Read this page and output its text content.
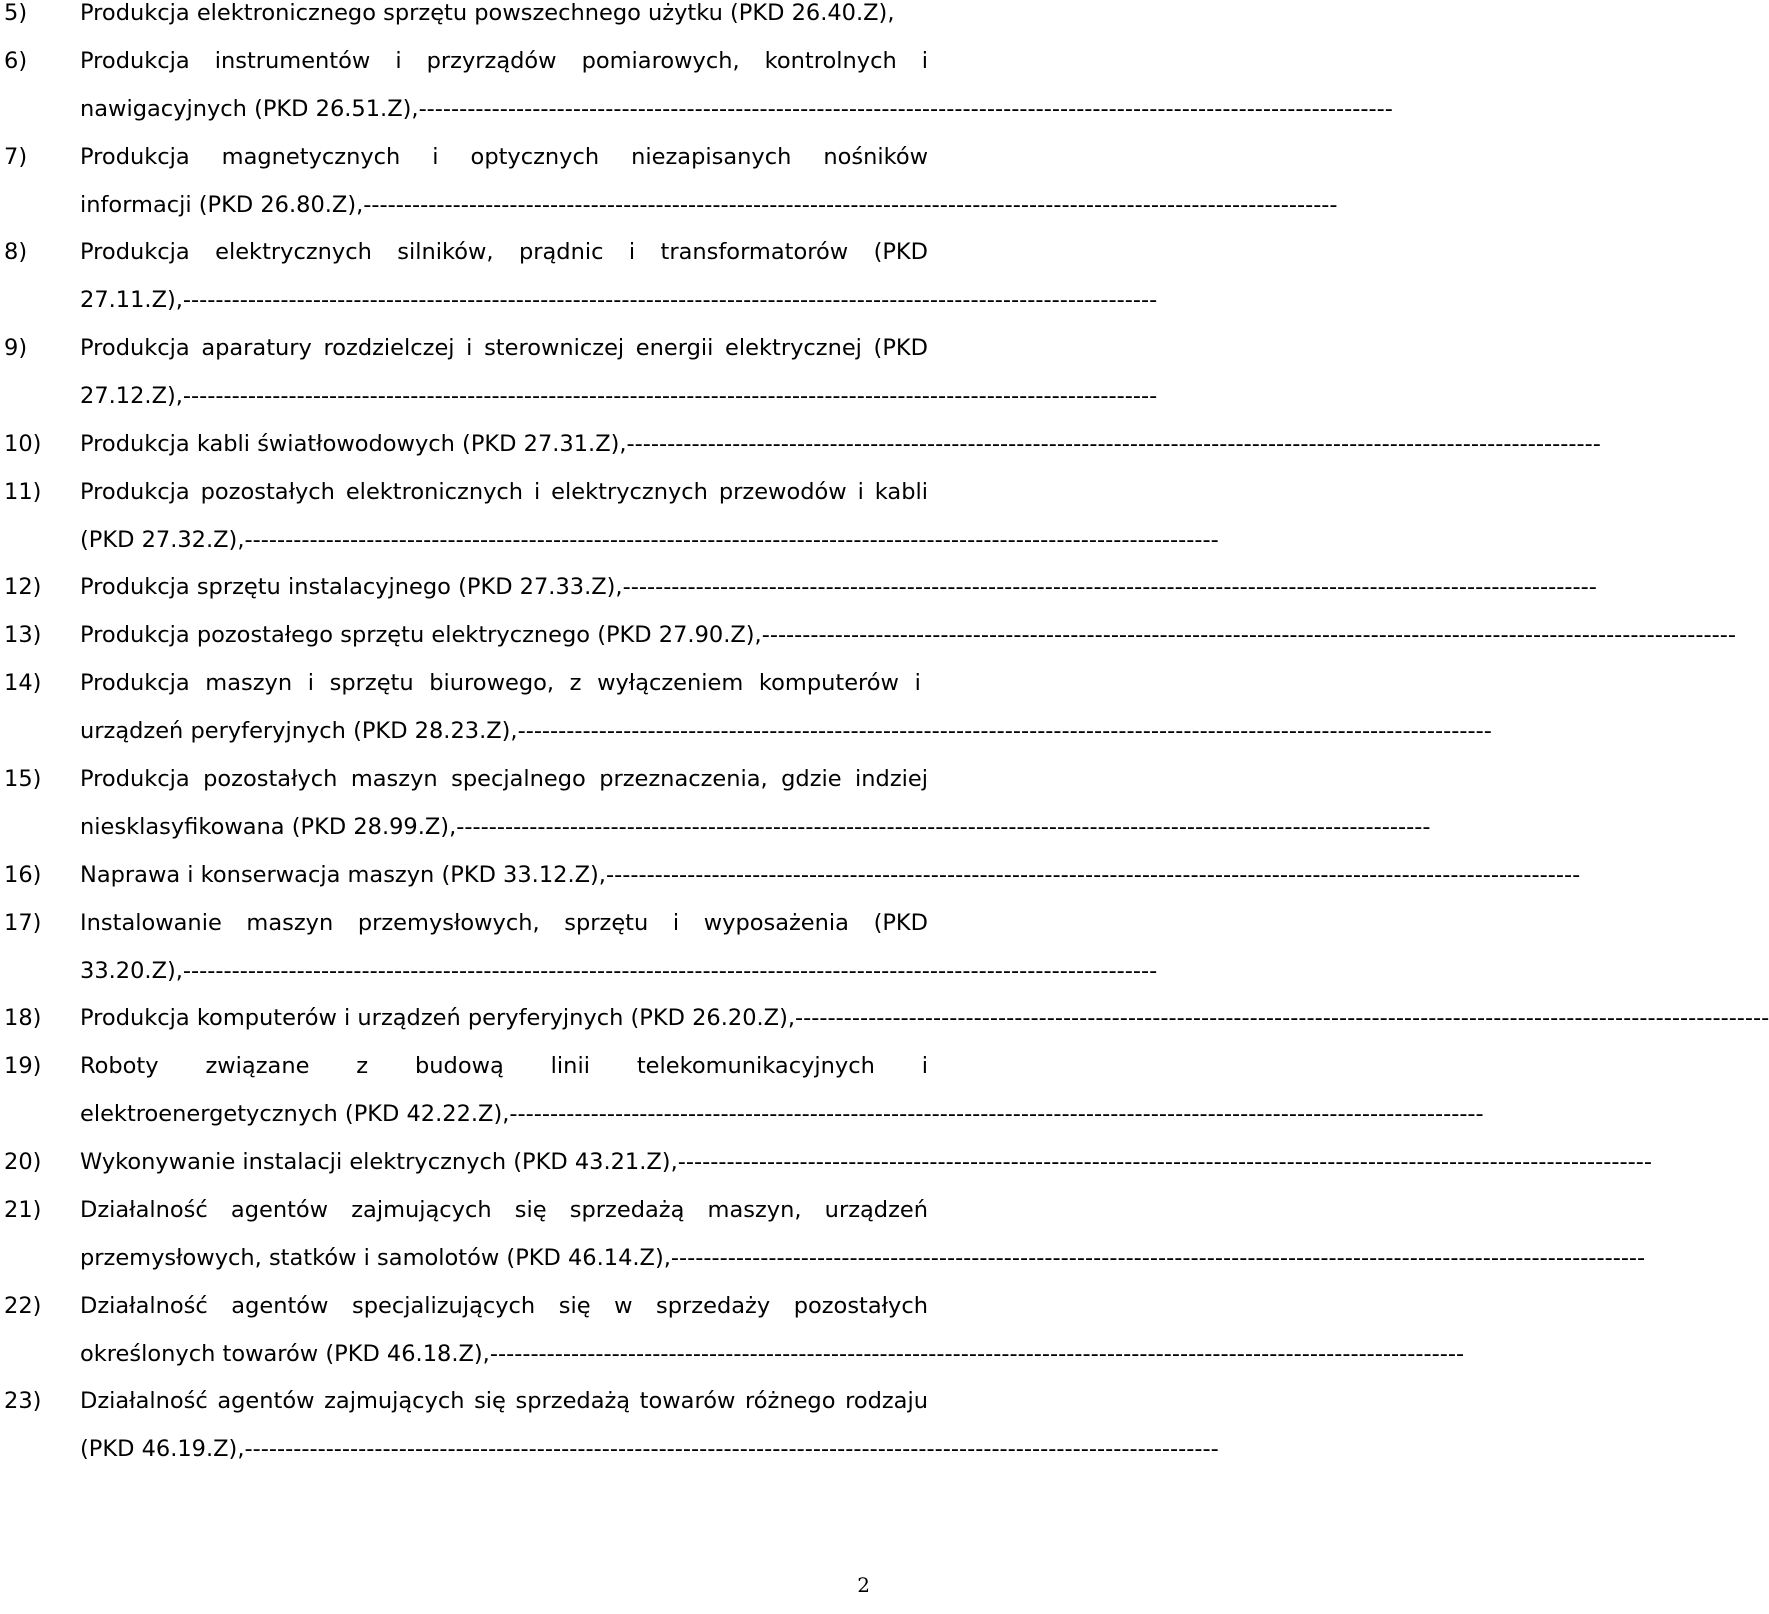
5) Produkcja elektronicznego sprzętu powszechnego użytku (PKD 26.40.Z),
6) Produkcja instrumentów i przyrządów pomiarowych, kontrolnych i
nawigacyjnych (PKD 26.51.Z), ------------------------------------------------------------------------------------------------------------------------
7) Produkcja magnetycznych i optycznych niezapisanych nośników
informacji (PKD 26.80.Z), ------------------------------------------------------------------------------------------------------------------------
8) Produkcja elektrycznych silników, prądnic i transformatorów (PKD
27.11.Z), ------------------------------------------------------------------------------------------------------------------------
9) Produkcja aparatury rozdzielczej i sterowniczej energii elektrycznej (PKD
27.12.Z), ------------------------------------------------------------------------------------------------------------------------
10) Produkcja kabli światłowodowych (PKD 27.31.Z), ------------------------------------------------------------------------------------------------------------------------
11) Produkcja pozostałych elektronicznych i elektrycznych przewodów i kabli
(PKD 27.32.Z), ------------------------------------------------------------------------------------------------------------------------
12) Produkcja sprzętu instalacyjnego (PKD 27.33.Z), ------------------------------------------------------------------------------------------------------------------------
13) Produkcja pozostałego sprzętu elektrycznego (PKD 27.90.Z), ------------------------------------------------------------------------------------------------------------------------
14) Produkcja maszyn i sprzętu biurowego, z wyłączeniem komputerów i
urządzeń peryferyjnych (PKD 28.23.Z), ------------------------------------------------------------------------------------------------------------------------
15) Produkcja pozostałych maszyn specjalnego przeznaczenia, gdzie indziej
niesklasyfikowana (PKD 28.99.Z), ------------------------------------------------------------------------------------------------------------------------
16) Naprawa i konserwacja maszyn (PKD 33.12.Z), ------------------------------------------------------------------------------------------------------------------------
17) Instalowanie maszyn przemysłowych, sprzętu i wyposażenia (PKD
33.20.Z), ------------------------------------------------------------------------------------------------------------------------
18) Produkcja komputerów i urządzeń peryferyjnych (PKD 26.20.Z), ------------------------------------------------------------------------------------------------------------------------
19) Roboty związane z budową linii telekomunikacyjnych i
elektroenergetycznych (PKD 42.22.Z), ------------------------------------------------------------------------------------------------------------------------
20) Wykonywanie instalacji elektrycznych (PKD 43.21.Z), ------------------------------------------------------------------------------------------------------------------------
21) Działalność agentów zajmujących się sprzedażą maszyn, urządzeń
przemysłowych, statków i samolotów (PKD 46.14.Z), ------------------------------------------------------------------------------------------------------------------------
22) Działalność agentów specjalizujących się w sprzedaży pozostałych
określonych towarów (PKD 46.18.Z), ------------------------------------------------------------------------------------------------------------------------
23) Działalność agentów zajmujących się sprzedażą towarów różnego rodzaju
(PKD 46.19.Z), ------------------------------------------------------------------------------------------------------------------------
2
